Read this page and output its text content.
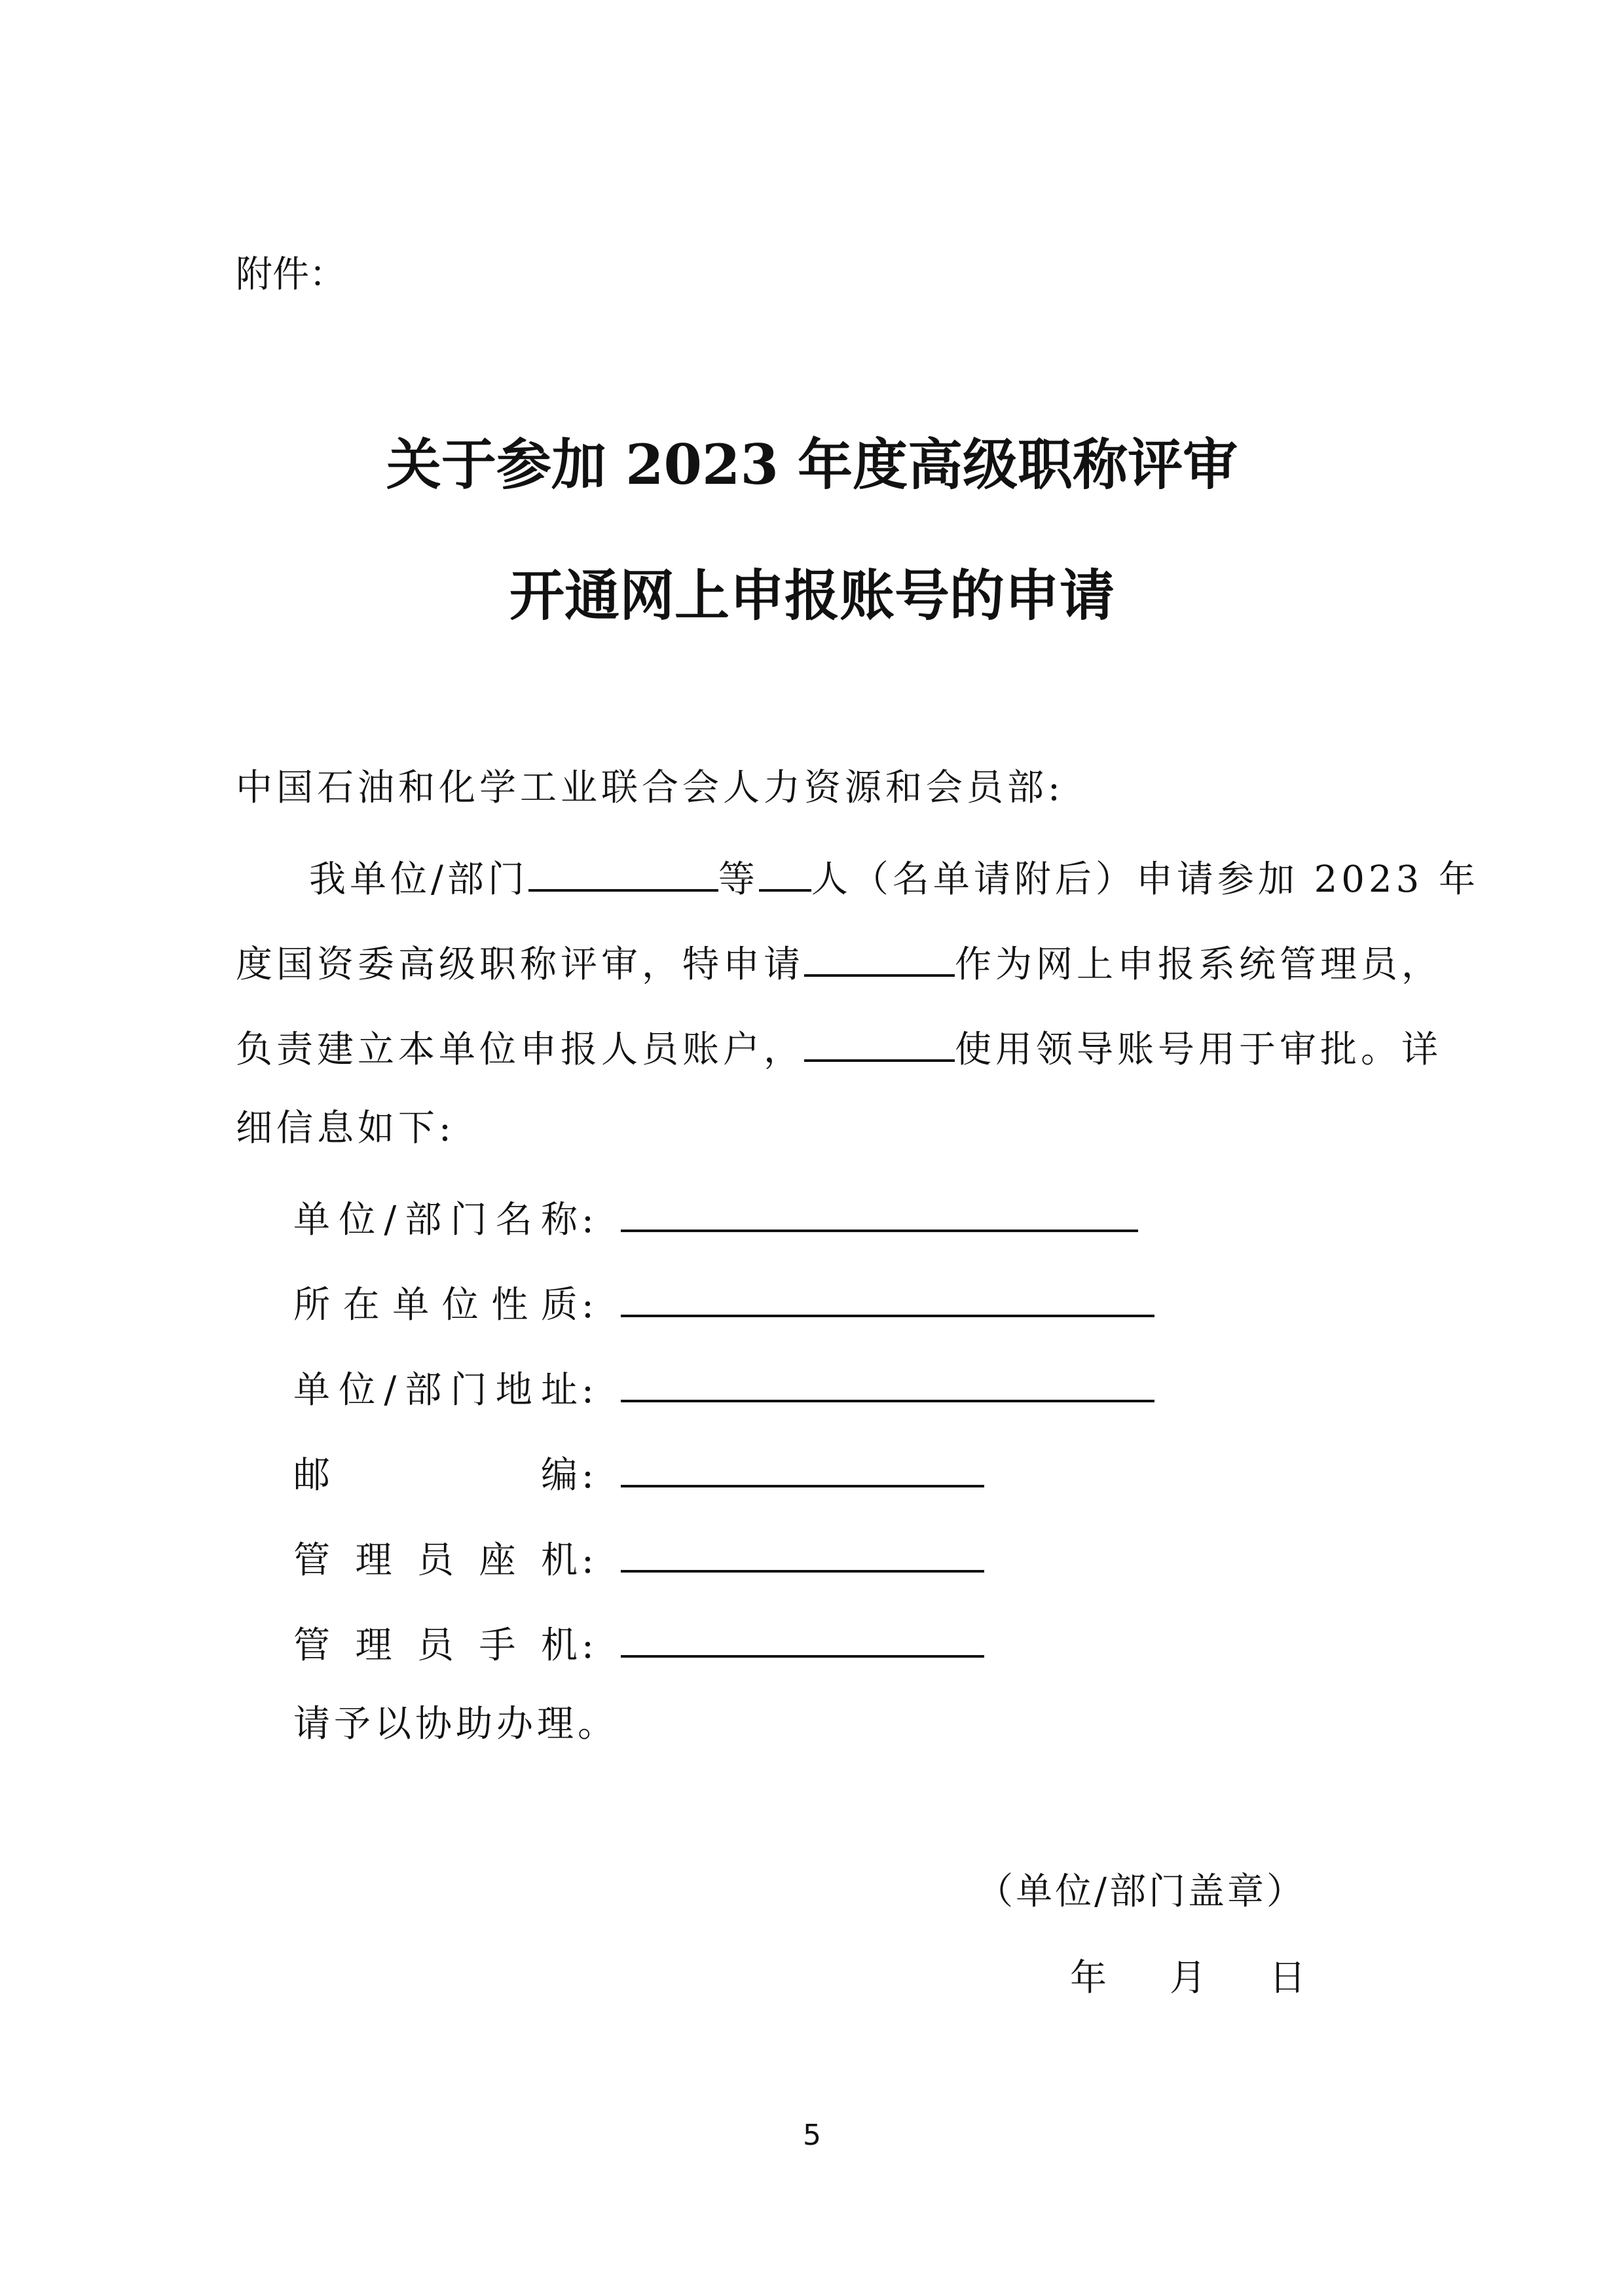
附件：
关于参加 2023 年度高级职称评审
开通网上申报账号的申请
中国石油和化学工业联合会人力资源和会员部:
我单位/部门	等 人（名单请附后）申请参加 2023 年
度国资委高级职称评审，特申请	作为网上申报系统管理员，
负责建立本单位申报人员账户，	使用领导账号用于审批。详
细信息如下:
单位/部门名称:
所在单位性质:
单位/部门地址:
邮编:
管理员座机:
管理员手机:
请予以协助办理。
（单位/部门盖章）
年 月 日
5
